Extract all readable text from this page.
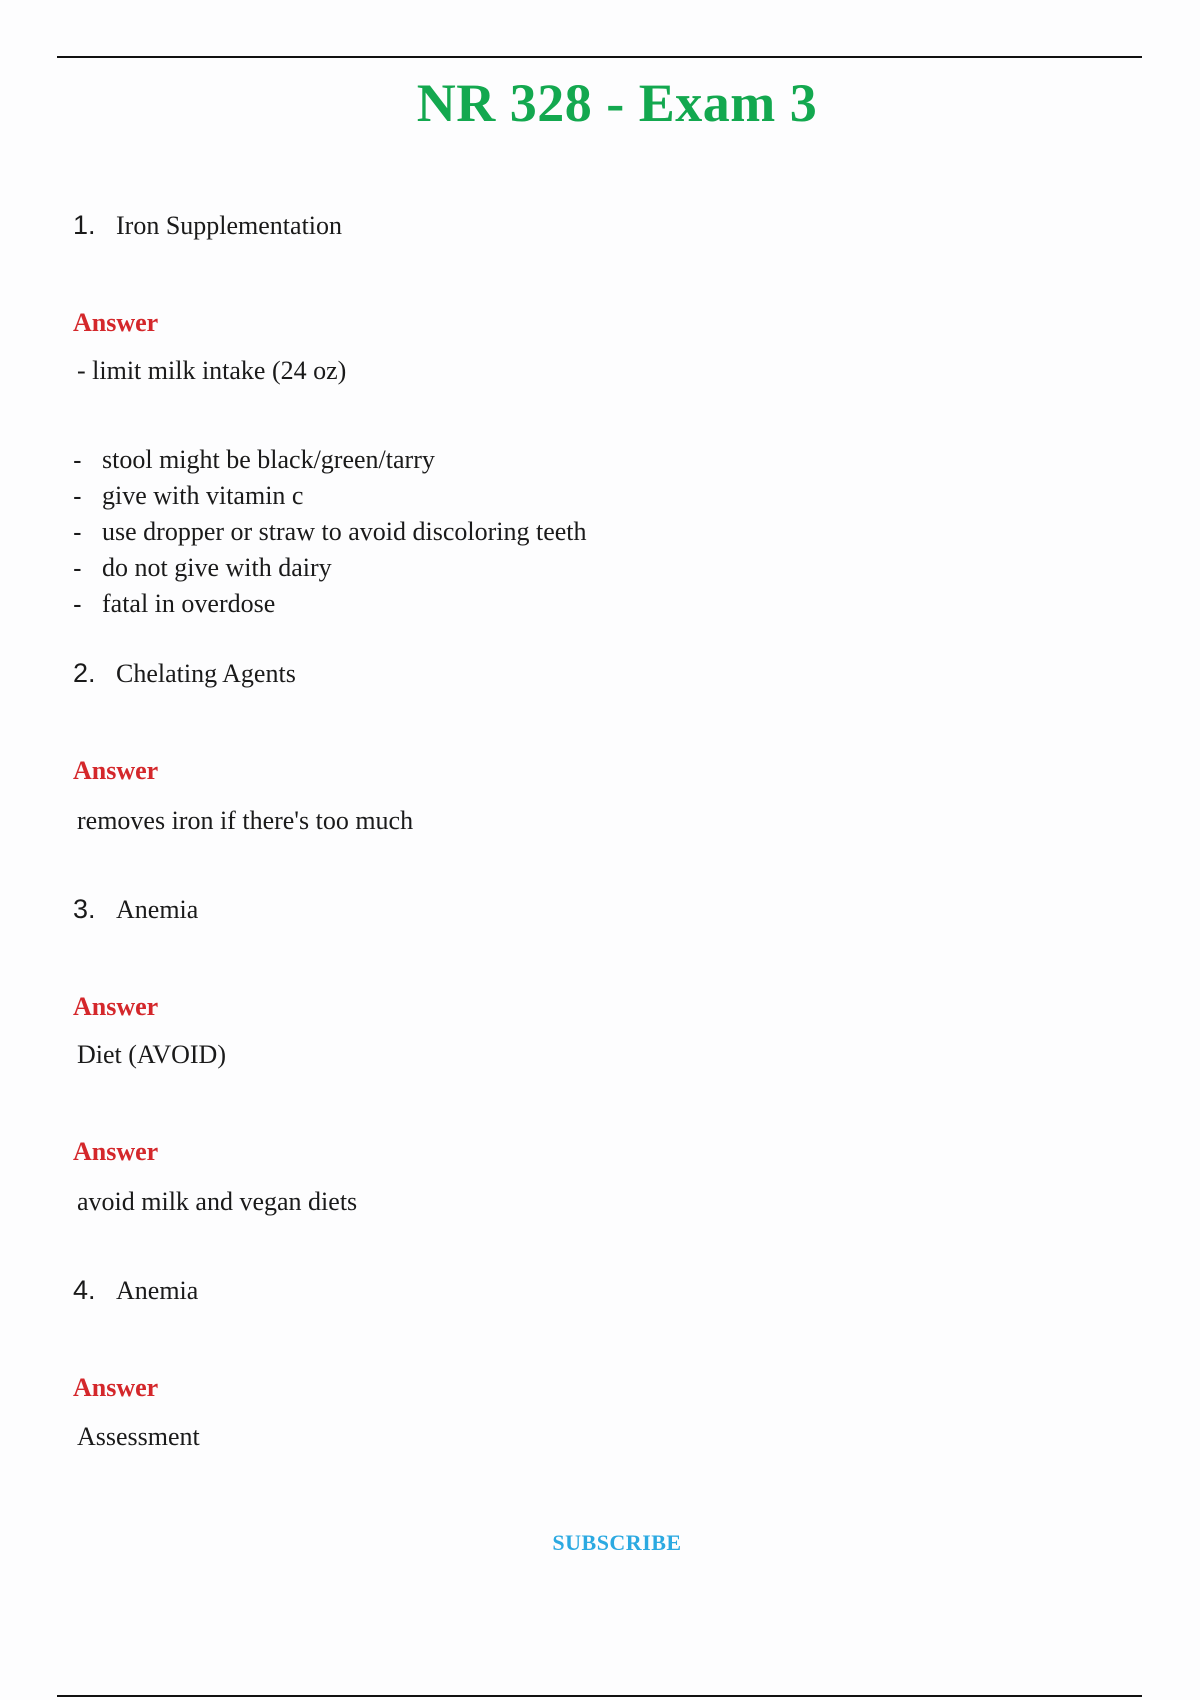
NR 328 - Exam 3
1. Iron Supplementation
Answer
- limit milk intake (24 oz)
- stool might be black/green/tarry
- give with vitamin c
- use dropper or straw to avoid discoloring teeth
- do not give with dairy
- fatal in overdose
2. Chelating Agents
Answer
removes iron if there's too much
3. Anemia
Answer
Diet (AVOID)
Answer
avoid milk and vegan diets
4. Anemia
Answer
Assessment
SUBSCRIBE
